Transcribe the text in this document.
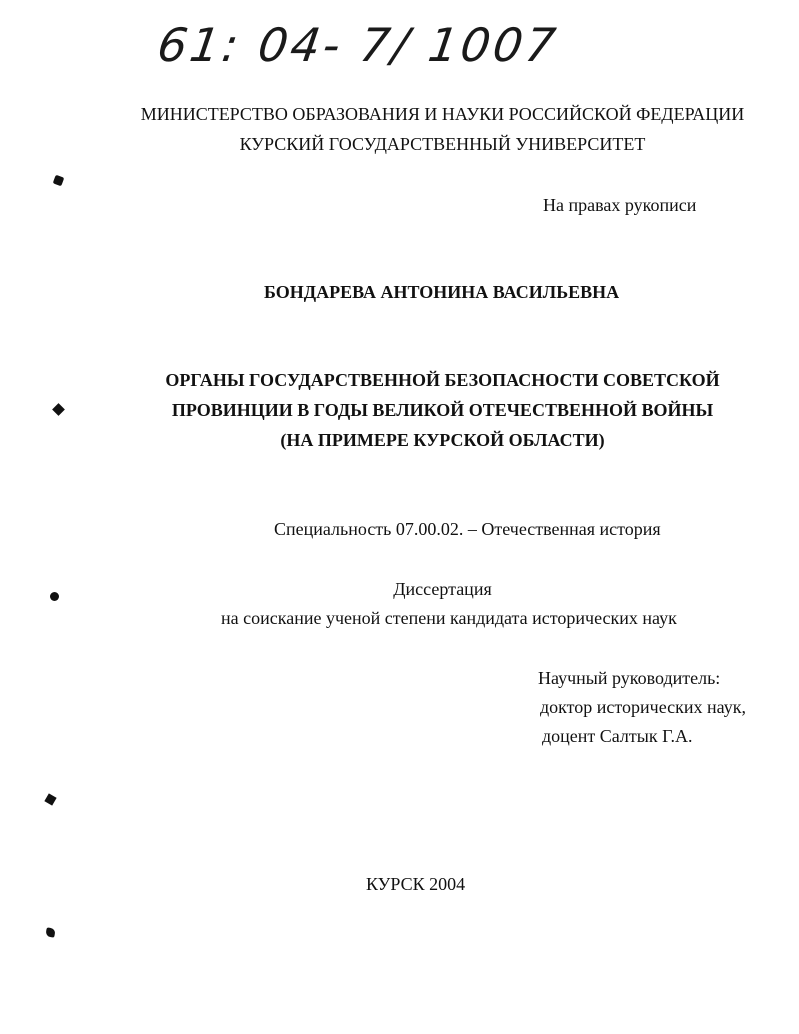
61: 04- 7/ 1007
МИНИСТЕРСТВО ОБРАЗОВАНИЯ И НАУКИ РОССИЙСКОЙ ФЕДЕРАЦИИ
КУРСКИЙ ГОСУДАРСТВЕННЫЙ УНИВЕРСИТЕТ
На правах рукописи
БОНДАРЕВА АНТОНИНА ВАСИЛЬЕВНА
ОРГАНЫ ГОСУДАРСТВЕННОЙ БЕЗОПАСНОСТИ СОВЕТСКОЙ
ПРОВИНЦИИ В ГОДЫ ВЕЛИКОЙ ОТЕЧЕСТВЕННОЙ ВОЙНЫ
(НА ПРИМЕРЕ КУРСКОЙ ОБЛАСТИ)
Специальность 07.00.02. – Отечественная история
Диссертация
на соискание ученой степени кандидата исторических наук
Научный руководитель:
доктор исторических наук,
доцент Салтык Г.А.
КУРСК 2004
